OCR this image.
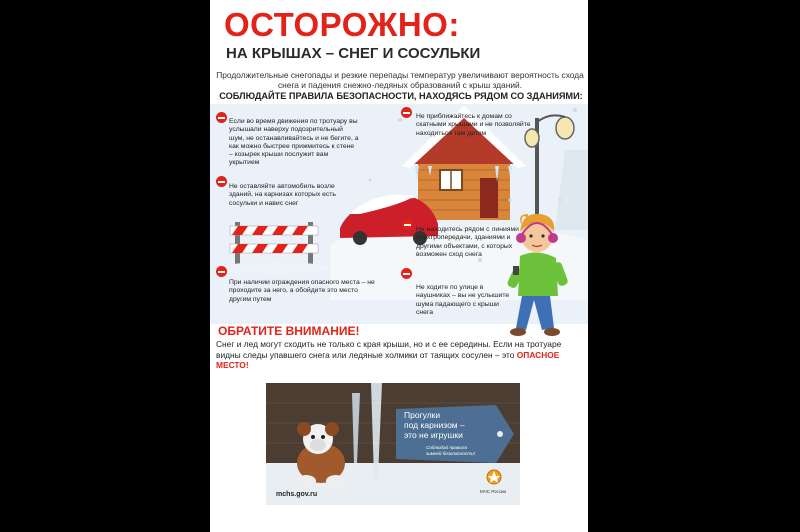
ОСТОРОЖНО:
НА КРЫШАХ – СНЕГ И СОСУЛЬКИ
Продолжительные снегопады и резкие перепады температур увеличивают вероятность схода снега и падения снежно-ледяных образований с крыш зданий.
СОБЛЮДАЙТЕ ПРАВИЛА БЕЗОПАСНОСТИ, НАХОДЯСЬ РЯДОМ СО ЗДАНИЯМИ:
Если во время движения по тротуару вы услышали наверху подозрительный шум, не останавливайтесь и не бегите, а как можно быстрее прижмитесь к стене – козырек крыши послужит вам укрытием
Не приближайтесь к домам со скатными крышами и не позволяйте находиться там детям
Не оставляйте автомобиль возле зданий, на карнизах которых есть сосульки и навис снег
Не находитесь рядом с линиями электропередачи, зданиями и другими объектами, с которых возможен сход снега
При наличии ограждения опасного места – не проходите за него, а обойдите это место другим путем
Не ходите по улице в наушниках – вы не услышите шума падающего с крыши снега
ОБРАТИТЕ ВНИМАНИЕ!
Снег и лед могут сходить не только с края крыши, но и с ее середины. Если на тротуаре видны следы упавшего снега или ледяные холмики от таящих сосулен – это ОПАСНОЕ МЕСТО!
Прогулки
под карнизом –
это не игрушки
Соблюдай правила
зимней безопасности!
МЧС России
mchs.gov.ru
